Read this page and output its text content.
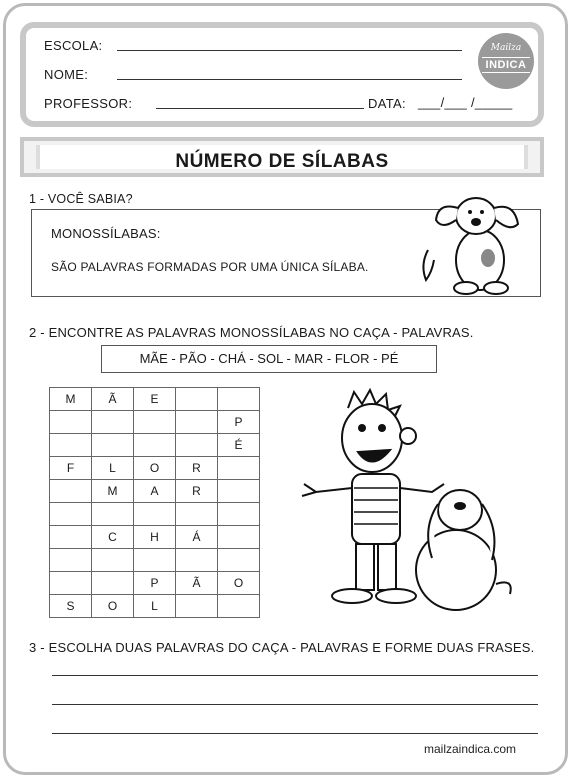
ESCOLA:
NOME:
PROFESSOR:	DATA: ___/___ /_____
Mailza
INDICA
NÚMERO DE SÍLABAS
1 - VOCÊ SABIA?
MONOSSÍLABAS:
SÃO PALAVRAS FORMADAS POR UMA ÚNICA SÍLABA.
2 - ENCONTRE AS PALAVRAS MONOSSÍLABAS NO CAÇA - PALAVRAS.
MÃE - PÃO - CHÁ - SOL - MAR - FLOR - PÉ
M	Ã	E		
				P
				É
F	L	O	R	
	M	A	R	

	C	H	Á	

		P	Ã	O
S	O	L		
3 - ESCOLHA DUAS PALAVRAS DO CAÇA - PALAVRAS E FORME DUAS FRASES.
mailzaindica.com
